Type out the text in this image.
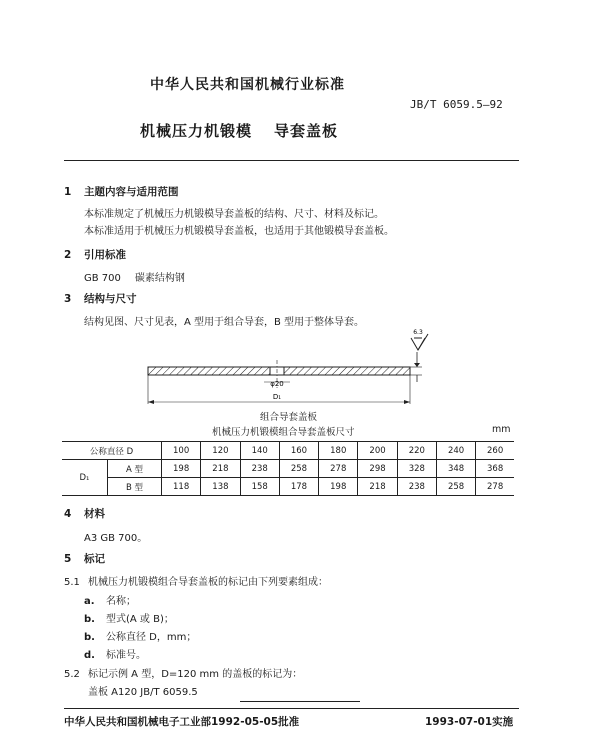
中华人民共和国机械行业标准
JB/T 6059.5—92
机械压力机锻模 导套盖板
1 主题内容与适用范围
本标准规定了机械压力机锻模导套盖板的结构、尺寸、材料及标记。
本标准适用于机械压力机锻模导套盖板，也适用于其他锻模导套盖板。
2 引用标准
GB 700 碳素结构钢
3 结构与尺寸
结构见图、尺寸见表，A 型用于组合导套，B 型用于整体导套。
6.3
φ20
D₁
组合导套盖板
机械压力机锻模组合导套盖板尺寸	mm
公称直径 D		100	120	140	160	180	200	220	240	260
D₁	A 型	198	218	238	258	278	298	328	348	368
	B 型	118	138	158	178	198	218	238	258	278
4 材料
A3 GB 700。
5 标记
5.1 机械压力机锻模组合导套盖板的标记由下列要素组成：
a. 名称；
b. 型式(A 或 B)；
b. 公称直径 D，mm；
d. 标准号。
5.2 标记示例 A 型，D=120 mm 的盖板的标记为：
盖板 A120 JB/T 6059.5
中华人民共和国机械电子工业部1992-05-05批准	1993-07-01实施
